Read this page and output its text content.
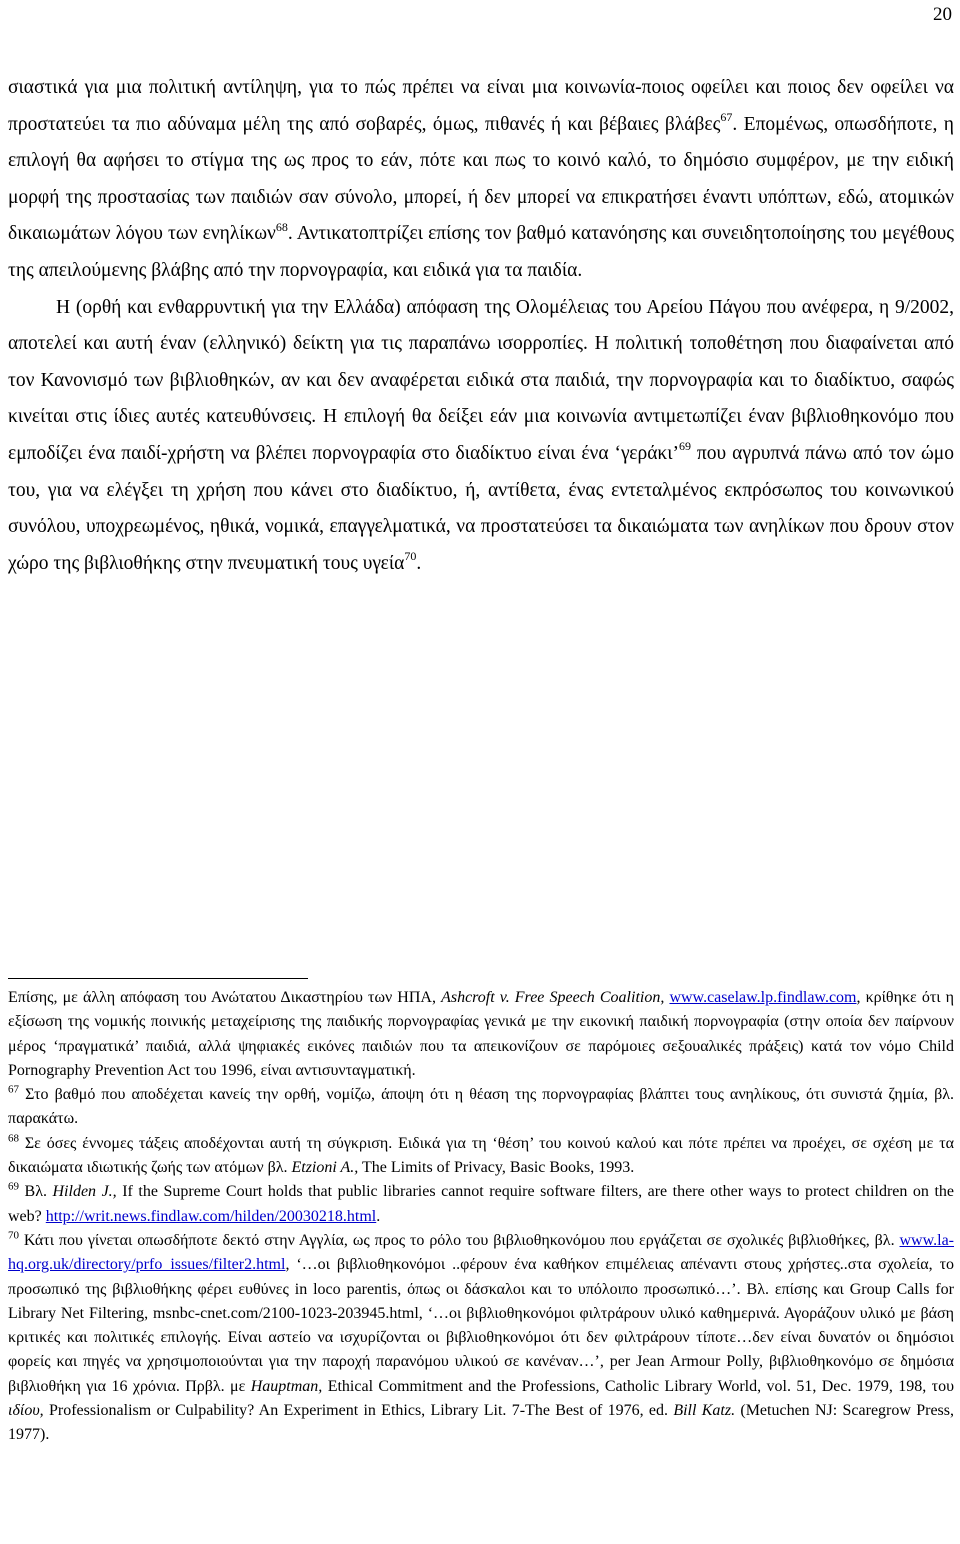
20

σιαστικά για μια πολιτική αντίληψη, για το πώς πρέπει να είναι μια κοινωνία-ποιος οφείλει και ποιος δεν οφείλει να προστατεύει τα πιο αδύναμα μέλη της από σοβαρές, όμως, πιθανές ή και βέβαιες βλάβες$^{67}$. Επομένως, οπωσδήποτε, η επιλογή θα αφήσει το στίγμα της ως προς το εάν, πότε και πως το κοινό καλό, το δημόσιο συμφέρον, με την ειδική μορφή της προστασίας των παιδιών σαν σύνολο, μπορεί, ή δεν μπορεί να επικρατήσει έναντι υπόπτων, εδώ, ατομικών δικαιωμάτων λόγου των ενηλίκων$^{68}$. Αντικατοπτρίζει επίσης τον βαθμό κατανόησης και συνειδητοποίησης του μεγέθους της απειλούμενης βλάβης από την πορνογραφία, και ειδικά για τα παιδία.

Η (ορθή και ενθαρρυντική για την Ελλάδα) απόφαση της Ολομέλειας του Αρείου Πάγου που ανέφερα, η 9/2002, αποτελεί και αυτή έναν (ελληνικό) δείκτη για τις παραπάνω ισορροπίες. Η πολιτική τοποθέτηση που διαφαίνεται από τον Κανονισμό των βιβλιοθηκών, αν και δεν αναφέρεται ειδικά στα παιδιά, την πορνογραφία και το διαδίκτυο, σαφώς κινείται στις ίδιες αυτές κατευθύνσεις. Η επιλογή θα δείξει εάν μια κοινωνία αντιμετωπίζει έναν βιβλιοθηκονόμο που εμποδίζει ένα παιδί-χρήστη να βλέπει πορνογραφία στο διαδίκτυο είναι ένα ‘γεράκι’$^{69}$ που αγρυπνά πάνω από τον ώμο του, για να ελέγξει τη χρήση που κάνει στο διαδίκτυο, ή, αντίθετα, ένας εντεταλμένος εκπρόσωπος του κοινωνικού συνόλου, υποχρεωμένος, ηθικά, νομικά, επαγγελματικά, να προστατεύσει τα δικαιώματα των ανηλίκων που δρουν στον χώρο της βιβλιοθήκης στην πνευματική τους υγεία$^{70}$.

Επίσης, με άλλη απόφαση του Ανώτατου Δικαστηρίου των ΗΠΑ, Ashcroft v. Free Speech Coalition, www.caselaw.lp.findlaw.com, κρίθηκε ότι η εξίσωση της νομικής ποινικής μεταχείρισης της παιδικής πορνογραφίας γενικά με την εικονική παιδική πορνογραφία (στην οποία δεν παίρνουν μέρος ‘πραγματικά’ παιδιά, αλλά ψηφιακές εικόνες παιδιών που τα απεικονίζουν σε παρόμοιες σεξουαλικές πράξεις) κατά τον νόμο Child Pornography Prevention Act του 1996, είναι αντισυνταγματική.

$^{67}$ Στο βαθμό που αποδέχεται κανείς την ορθή, νομίζω, άποψη ότι η θέαση της πορνογραφίας βλάπτει τους ανηλίκους, ότι συνιστά ζημία, βλ. παρακάτω.

$^{68}$ Σε όσες έννομες τάξεις αποδέχονται αυτή τη σύγκριση. Ειδικά για τη ‘θέση’ του κοινού καλού και πότε πρέπει να προέχει, σε σχέση με τα δικαιώματα ιδιωτικής ζωής των ατόμων βλ. Etzioni A., The Limits of Privacy, Basic Books, 1993.

$^{69}$ Βλ. Hilden J., If the Supreme Court holds that public libraries cannot require software filters, are there other ways to protect children on the web? http://writ.news.findlaw.com/hilden/20030218.html.

$^{70}$ Κάτι που γίνεται οπωσδήποτε δεκτό στην Αγγλία, ως προς το ρόλο του βιβλιοθηκονόμου που εργάζεται σε σχολικές βιβλιοθήκες, βλ. www.la-hq.org.uk/directory/prfo_issues/filter2.html, ‘…οι βιβλιοθηκονόμοι ..φέρουν ένα καθήκον επιμέλειας απέναντι στους χρήστες..στα σχολεία, το προσωπικό της βιβλιοθήκης φέρει ευθύνες in loco parentis, όπως οι δάσκαλοι και το υπόλοιπο προσωπικό…’. Βλ. επίσης και Group Calls for Library Net Filtering, msnbc-cnet.com/2100-1023-203945.html, ‘…οι βιβλιοθηκονόμοι φιλτράρουν υλικό καθημερινά. Αγοράζουν υλικό με βάση κριτικές και πολιτικές επιλογής. Είναι αστείο να ισχυρίζονται οι βιβλιοθηκονόμοι ότι δεν φιλτράρουν τίποτε…δεν είναι δυνατόν οι δημόσιοι φορείς και πηγές να χρησιμοποιούνται για την παροχή παρανόμου υλικού σε κανέναν…’, per Jean Armour Polly, βιβλιοθηκονόμο σε δημόσια βιβλιοθήκη για 16 χρόνια. Πρβλ. με Hauptman, Ethical Commitment and the Professions, Catholic Library World, vol. 51, Dec. 1979, 198, του ιδίου, Professionalism or Culpability? An Experiment in Ethics, Library Lit. 7-The Best of 1976, ed. Bill Katz. (Metuchen NJ: Scaregrow Press, 1977).
